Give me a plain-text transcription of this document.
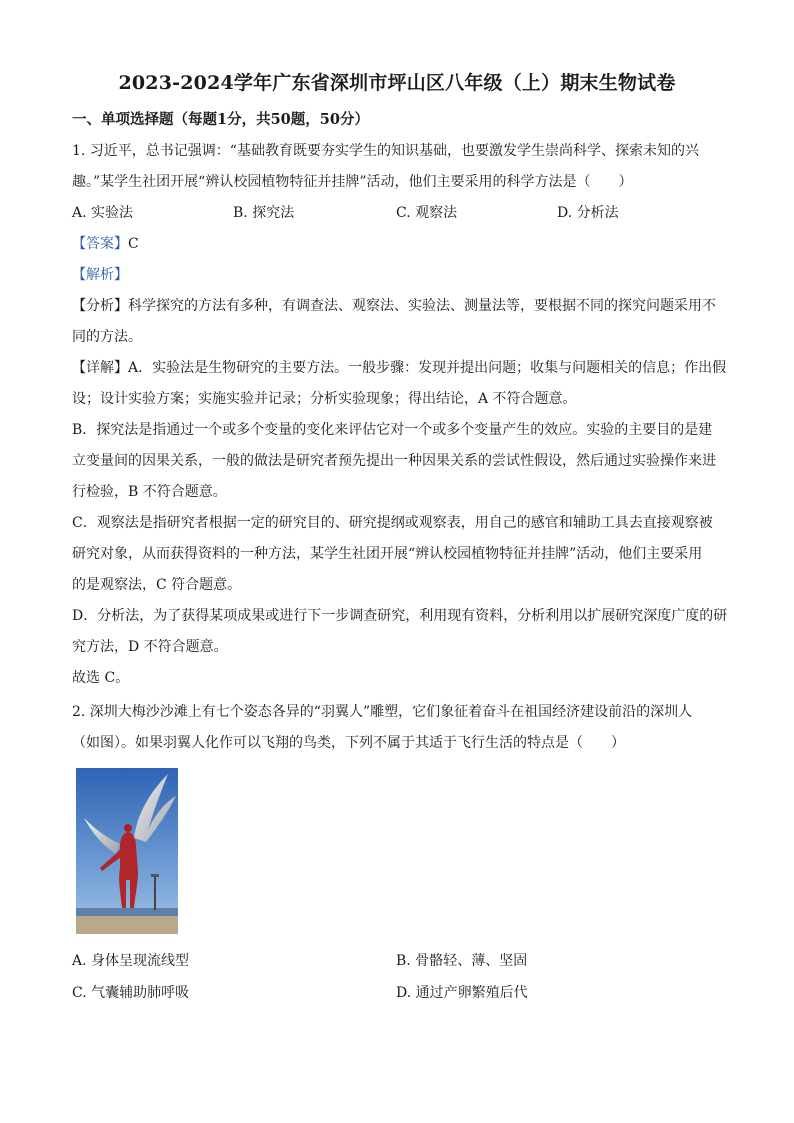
2023-2024学年广东省深圳市坪山区八年级（上）期末生物试卷
一、单项选择题（每题1分，共50题，50分）
1. 习近平，总书记强调：“基础教育既要夯实学生的知识基础，也要激发学生崇尚科学、探索未知的兴
趣。”某学生社团开展“辨认校园植物特征并挂牌”活动，他们主要采用的科学方法是（　　）
A. 实验法	B. 探究法	C. 观察法	D. 分析法
【答案】C
【解析】
【分析】科学探究的方法有多种，有调查法、观察法、实验法、测量法等，要根据不同的探究问题采用不
同的方法。
【详解】A．实验法是生物研究的主要方法。一般步骤：发现并提出问题；收集与问题相关的信息；作出假
设；设计实验方案；实施实验并记录；分析实验现象；得出结论，A 不符合题意。
B．探究法是指通过一个或多个变量的变化来评估它对一个或多个变量产生的效应。实验的主要目的是建
立变量间的因果关系，一般的做法是研究者预先提出一种因果关系的尝试性假设，然后通过实验操作来进
行检验，B 不符合题意。
C．观察法是指研究者根据一定的研究目的、研究提纲或观察表，用自己的感官和辅助工具去直接观察被
研究对象，从而获得资料的一种方法，某学生社团开展“辨认校园植物特征并挂牌”活动，他们主要采用
的是观察法，C 符合题意。
D．分析法，为了获得某项成果或进行下一步调查研究，利用现有资料，分析利用以扩展研究深度广度的研
究方法，D 不符合题意。
故选 C。
2. 深圳大梅沙沙滩上有七个姿态各异的“羽翼人”雕塑，它们象征着奋斗在祖国经济建设前沿的深圳人
（如图）。如果羽翼人化作可以飞翔的鸟类，下列不属于其适于飞行生活的特点是（　　）
A. 身体呈现流线型	B. 骨骼轻、薄、坚固
C. 气囊辅助肺呼吸	D. 通过产卵繁殖后代
